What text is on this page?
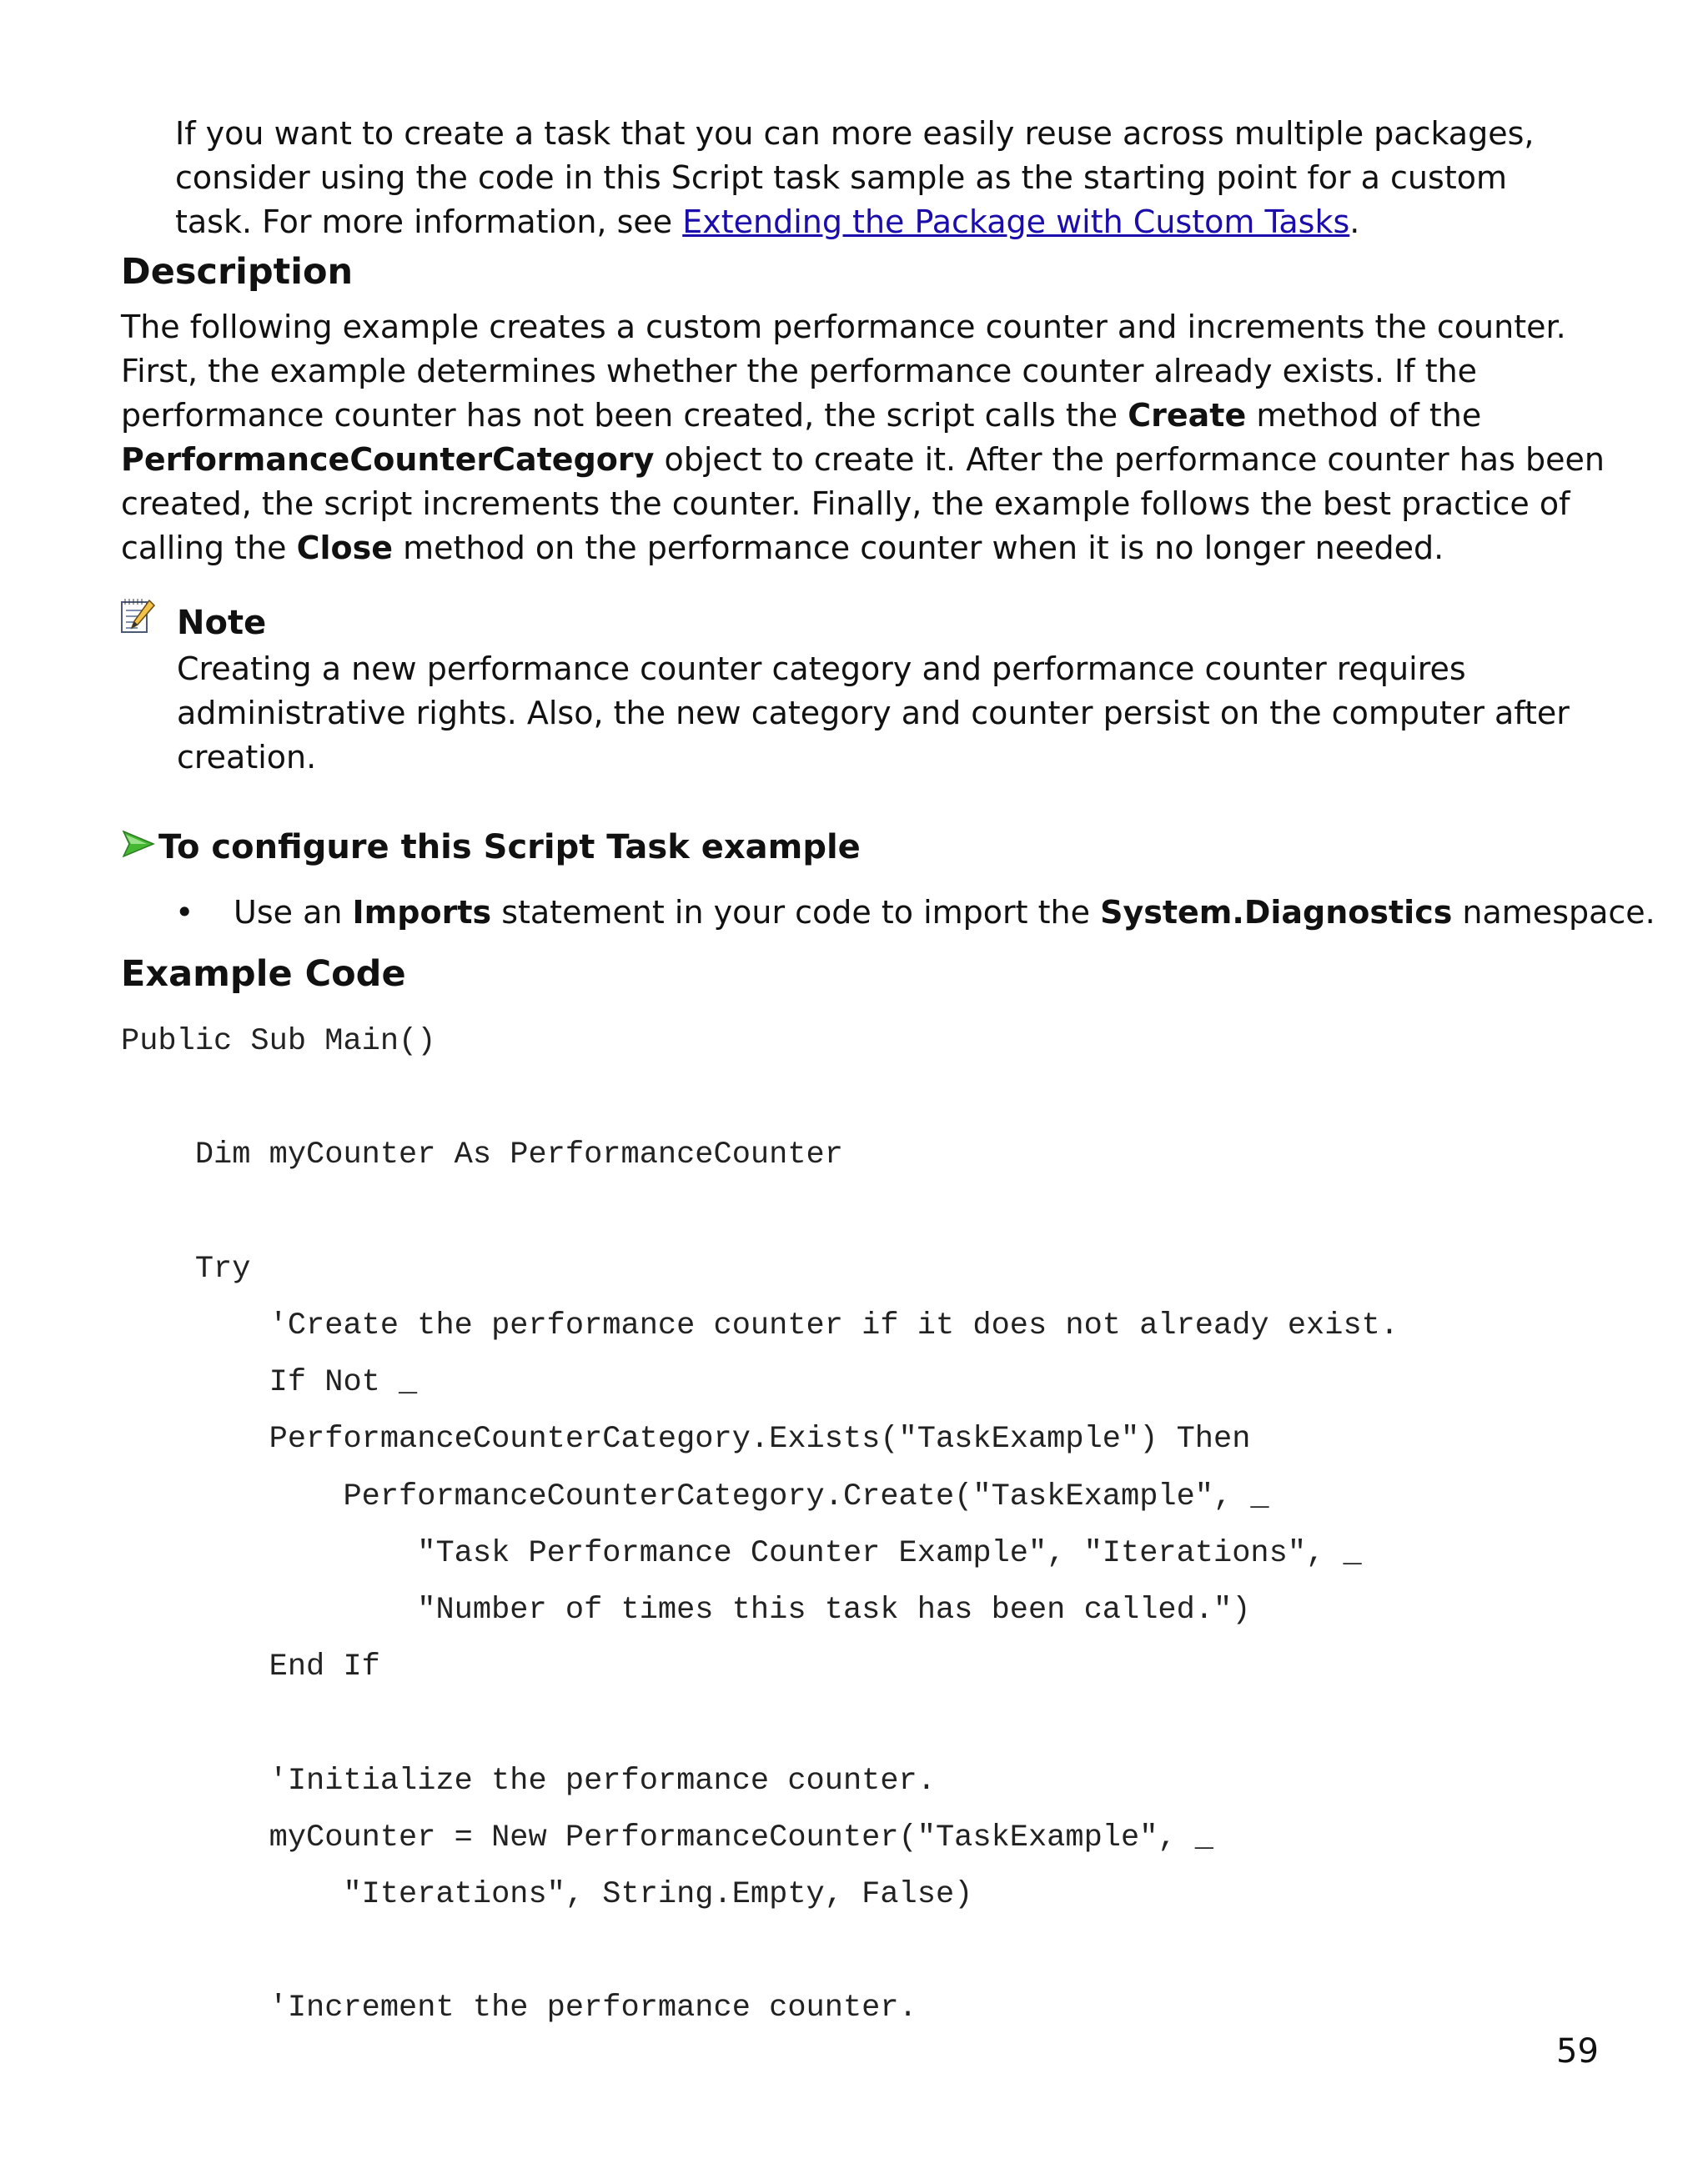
If you want to create a task that you can more easily reuse across multiple packages, consider using the code in this Script task sample as the starting point for a custom task. For more information, see Extending the Package with Custom Tasks.
Description
The following example creates a custom performance counter and increments the counter. First, the example determines whether the performance counter already exists. If the performance counter has not been created, the script calls the Create method of the PerformanceCounterCategory object to create it. After the performance counter has been created, the script increments the counter. Finally, the example follows the best practice of calling the Close method on the performance counter when it is no longer needed.
Note
Creating a new performance counter category and performance counter requires administrative rights. Also, the new category and counter persist on the computer after creation.
To configure this Script Task example
• Use an Imports statement in your code to import the System.Diagnostics namespace.
Example Code
Public Sub Main()

Dim myCounter As PerformanceCounter

Try
'Create the performance counter if it does not already exist.
If Not _
PerformanceCounterCategory.Exists("TaskExample") Then
PerformanceCounterCategory.Create("TaskExample", _
"Task Performance Counter Example", "Iterations", _
"Number of times this task has been called.")
End If

'Initialize the performance counter.
myCounter = New PerformanceCounter("TaskExample", _
"Iterations", String.Empty, False)

'Increment the performance counter.
59
